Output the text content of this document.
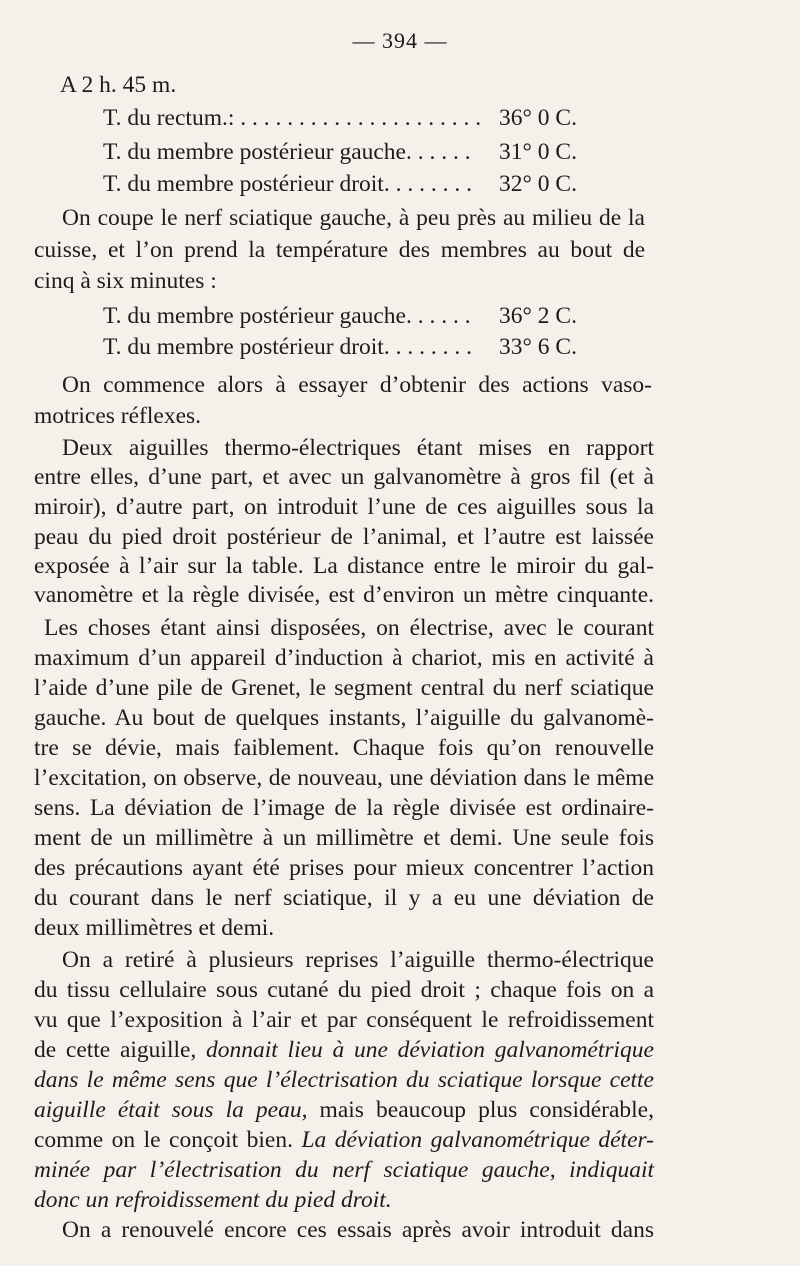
— 394 —
A 2 h. 45 m.
T. du rectum.: . . . . . . . . . . . . . . . . . . . . . 36° 0 C.
T. du membre postérieur gauche. . . . . . 31° 0 C.
T. du membre postérieur droit. . . . . . . . 32° 0 C.
On coupe le nerf sciatique gauche, à peu près au milieu de la
cuisse, et l’on prend la température des membres au bout de
cinq à six minutes :
T. du membre postérieur gauche. . . . . . 36° 2 C.
T. du membre postérieur droit. . . . . . . . 33° 6 C.
On commence alors à essayer d’obtenir des actions vaso-
motrices réflexes.
Deux aiguilles thermo-électriques étant mises en rapport
entre elles, d’une part, et avec un galvanomètre à gros fil (et à
miroir), d’autre part, on introduit l’une de ces aiguilles sous la
peau du pied droit postérieur de l’animal, et l’autre est laissée
exposée à l’air sur la table. La distance entre le miroir du gal-
vanomètre et la règle divisée, est d’environ un mètre cinquante.
Les choses étant ainsi disposées, on électrise, avec le courant
maximum d’un appareil d’induction à chariot, mis en activité à
l’aide d’une pile de Grenet, le segment central du nerf sciatique
gauche. Au bout de quelques instants, l’aiguille du galvanomè-
tre se dévie, mais faiblement. Chaque fois qu’on renouvelle
l’excitation, on observe, de nouveau, une déviation dans le même
sens. La déviation de l’image de la règle divisée est ordinaire-
ment de un millimètre à un millimètre et demi. Une seule fois
des précautions ayant été prises pour mieux concentrer l’action
du courant dans le nerf sciatique, il y a eu une déviation de
deux millimètres et demi.
On a retiré à plusieurs reprises l’aiguille thermo-électrique
du tissu cellulaire sous cutané du pied droit ; chaque fois on a
vu que l’exposition à l’air et par conséquent le refroidissement
de cette aiguille, donnait lieu à une déviation galvanométrique
dans le même sens que l’électrisation du sciatique lorsque cette
aiguille était sous la peau, mais beaucoup plus considérable,
comme on le conçoit bien. La déviation galvanométrique déter-
minée par l’électrisation du nerf sciatique gauche, indiquait
donc un refroidissement du pied droit.
On a renouvelé encore ces essais après avoir introduit dans
